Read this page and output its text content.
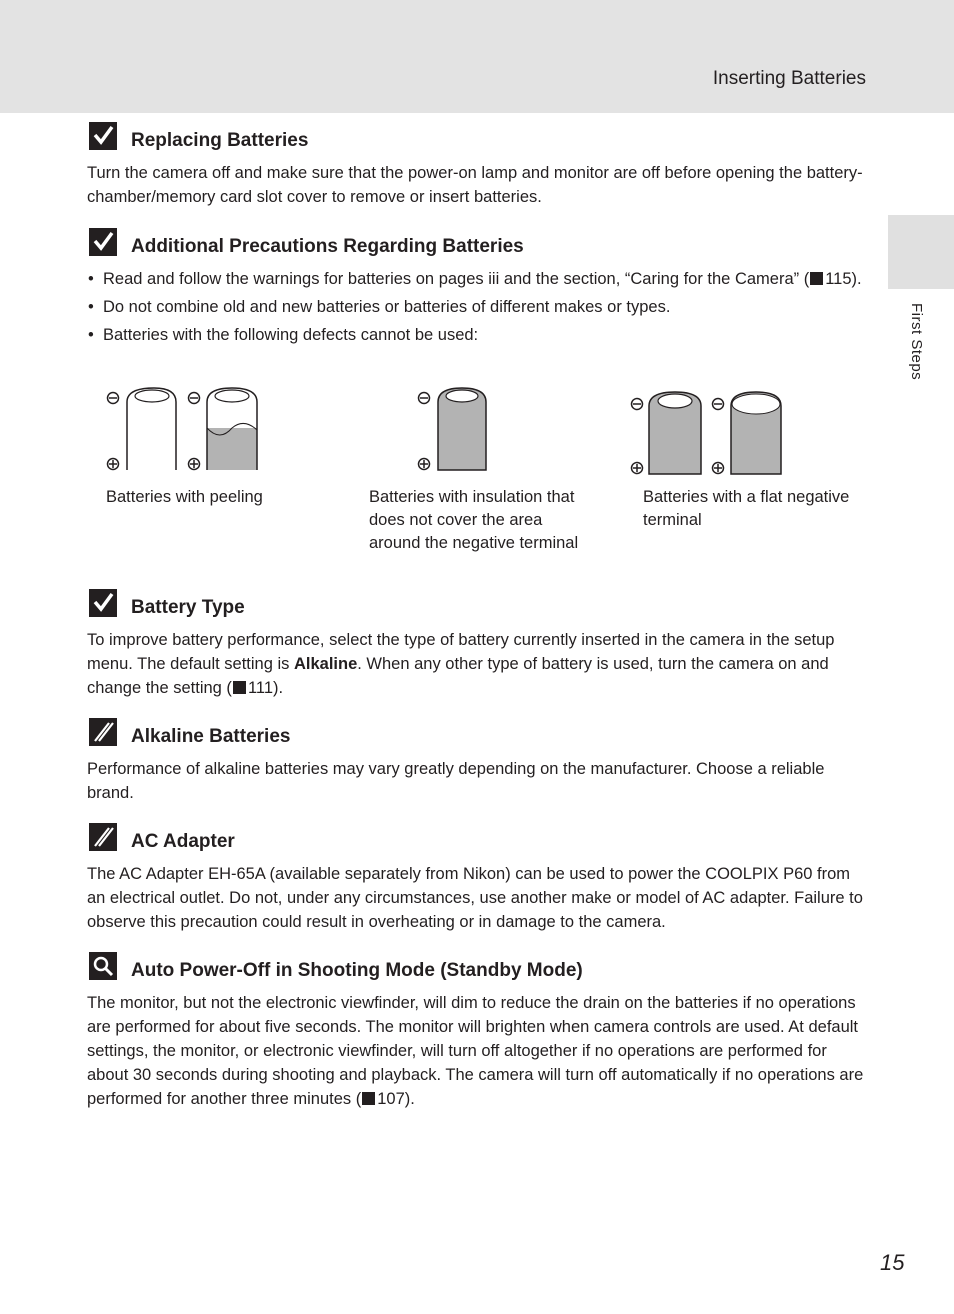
Inserting Batteries
First Steps
Replacing Batteries

Turn the camera off and make sure that the power-on lamp and monitor are off before opening the battery-chamber/memory card slot cover to remove or insert batteries.

Additional Precautions Regarding Batteries
• Read and follow the warnings for batteries on pages iii and the section, “Caring for the Camera” ( 115).
• Do not combine old and new batteries or batteries of different makes or types.
• Batteries with the following defects cannot be used:
Batteries with peeling	Batteries with insulation that does not cover the area around the negative terminal
Batteries with a flat negative terminal
Battery Type

To improve battery performance, select the type of battery currently inserted in the camera in the setup menu. The default setting is Alkaline. When any other type of battery is used, turn the camera on and change the setting ( 111).

Alkaline Batteries

Performance of alkaline batteries may vary greatly depending on the manufacturer. Choose a reliable brand.

AC Adapter

The AC Adapter EH-65A (available separately from Nikon) can be used to power the COOLPIX P60 from an electrical outlet. Do not, under any circumstances, use another make or model of AC adapter. Failure to observe this precaution could result in overheating or in damage to the camera.

Auto Power-Off in Shooting Mode (Standby Mode)

The monitor, but not the electronic viewfinder, will dim to reduce the drain on the batteries if no operations are performed for about five seconds. The monitor will brighten when camera controls are used. At default settings, the monitor, or electronic viewfinder, will turn off altogether if no operations are performed for about 30 seconds during shooting and playback. The camera will turn off automatically if no operations are performed for another three minutes ( 107).

15
